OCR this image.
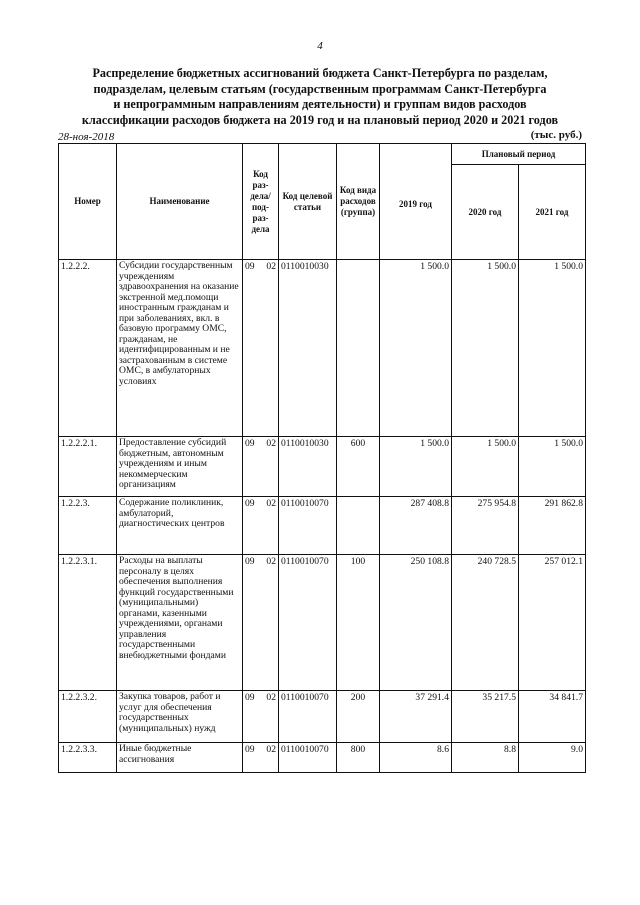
4
Распределение бюджетных ассигнований бюджета Санкт-Петербурга по разделам,
подразделам, целевым статьям (государственным программам Санкт-Петербурга
и непрограммным направлениям деятельности) и группам видов расходов
классификации расходов бюджета на 2019 год и на плановый период 2020 и 2021 годов
28-ноя-2018	(тыс. руб.)
Номер	Наименование	Код раз- дела/ под- раз- дела	Код целевой статьи	Код вида расходов (группа)	2019 год	Плановый период	
						2020 год	2021 год
1.2.2.2.	Субсидии государственным учреждениям здравоохранения на оказание экстренной мед.помощи иностранным гражданам и при заболеваниях, вкл. в базовую программу ОМС, гражданам, не идентифицированным и не застрахованным в системе ОМС, в амбулаторных условиях	09 02	0110010030		1 500.0	1 500.0	1 500.0
1.2.2.2.1.	Предоставление субсидий бюджетным, автономным учреждениям и иным некоммерческим организациям	09 02	0110010030	600	1 500.0	1 500.0	1 500.0
1.2.2.3.	Содержание поликлиник, амбулаторий, диагностических центров	09 02	0110010070		287 408.8	275 954.8	291 862.8
1.2.2.3.1.	Расходы на выплаты персоналу в целях обеспечения выполнения функций государственными (муниципальными) органами, казенными учреждениями, органами управления государственными внебюджетными фондами	09 02	0110010070	100	250 108.8	240 728.5	257 012.1
1.2.2.3.2.	Закупка товаров, работ и услуг для обеспечения государственных (муниципальных) нужд	09 02	0110010070	200	37 291.4	35 217.5	34 841.7
1.2.2.3.3.	Иные бюджетные ассигнования	09 02	0110010070	800	8.6	8.8	9.0
